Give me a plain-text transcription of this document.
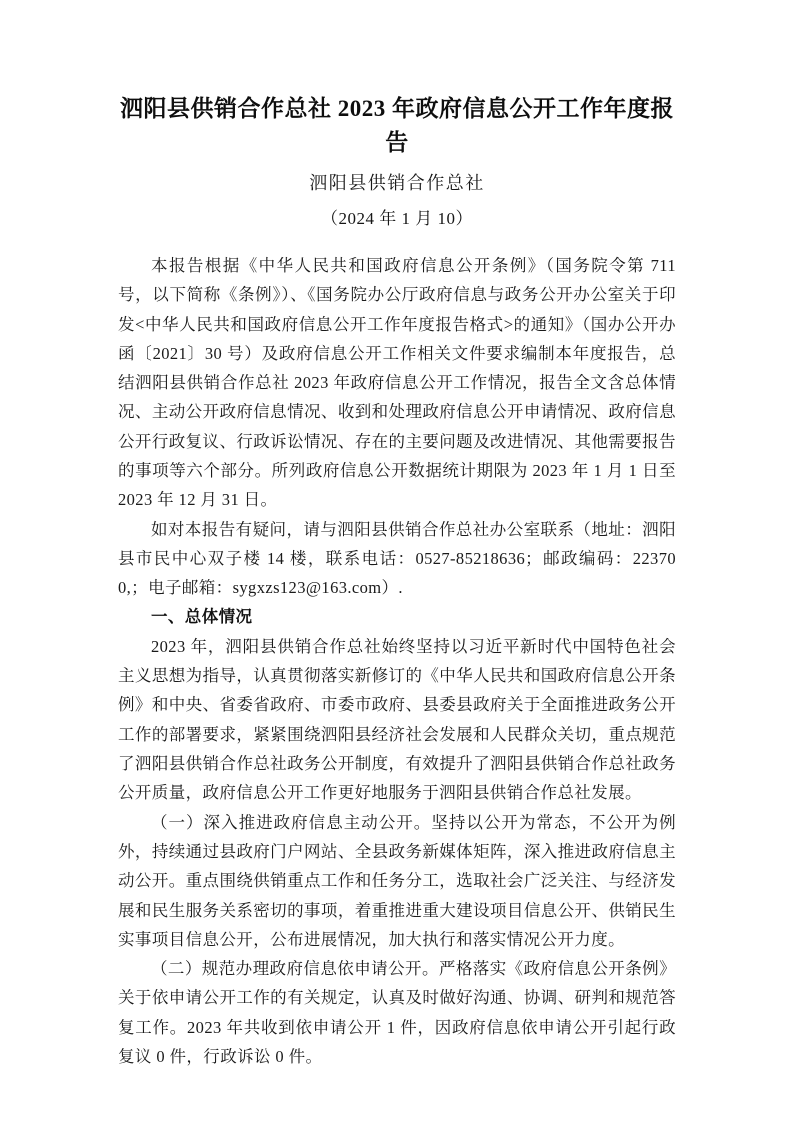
泗阳县供销合作总社 2023 年政府信息公开工作年度报告
泗阳县供销合作总社
（2024 年 1 月 10）

本报告根据《中华人民共和国政府信息公开条例》（国务院令第 711 号，以下简称《条例》）、《国务院办公厅政府信息与政务公开办公室关于印发<中华人民共和国政府信息公开工作年度报告格式>的通知》（国办公开办函〔2021〕30 号）及政府信息公开工作相关文件要求编制本年度报告，总结泗阳县供销合作总社 2023 年政府信息公开工作情况，报告全文含总体情况、主动公开政府信息情况、收到和处理政府信息公开申请情况、政府信息公开行政复议、行政诉讼情况、存在的主要问题及改进情况、其他需要报告的事项等六个部分。所列政府信息公开数据统计期限为 2023 年 1 月 1 日至 2023 年 12 月 31 日。

如对本报告有疑问，请与泗阳县供销合作总社办公室联系（地址：泗阳县市民中心双子楼 14 楼，联系电话：0527-85218636；邮政编码：223700,；电子邮箱：sygxzs123@163.com）.

一、总体情况

2023 年，泗阳县供销合作总社始终坚持以习近平新时代中国特色社会主义思想为指导，认真贯彻落实新修订的《中华人民共和国政府信息公开条例》和中央、省委省政府、市委市政府、县委县政府关于全面推进政务公开工作的部署要求，紧紧围绕泗阳县经济社会发展和人民群众关切，重点规范了泗阳县供销合作总社政务公开制度，有效提升了泗阳县供销合作总社政务公开质量，政府信息公开工作更好地服务于泗阳县供销合作总社发展。

（一）深入推进政府信息主动公开。坚持以公开为常态，不公开为例外，持续通过县政府门户网站、全县政务新媒体矩阵，深入推进政府信息主动公开。重点围绕供销重点工作和任务分工，选取社会广泛关注、与经济发展和民生服务关系密切的事项，着重推进重大建设项目信息公开、供销民生实事项目信息公开，公布进展情况，加大执行和落实情况公开力度。

（二）规范办理政府信息依申请公开。严格落实《政府信息公开条例》关于依申请公开工作的有关规定，认真及时做好沟通、协调、研判和规范答复工作。2023 年共收到依申请公开 1 件，因政府信息依申请公开引起行政复议 0 件，行政诉讼 0 件。
